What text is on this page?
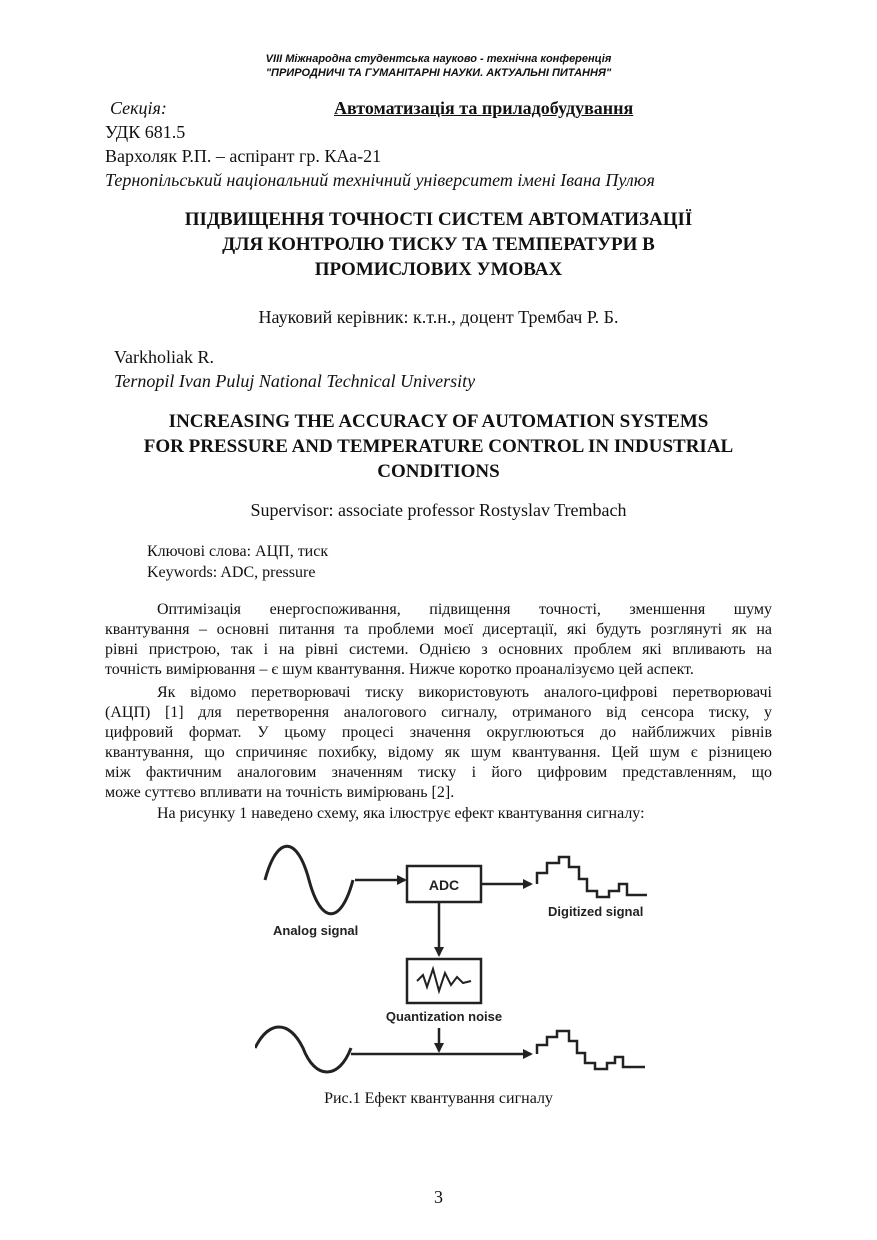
VIII Міжнародна студентська науково - технічна конференція
"ПРИРОДНИЧІ ТА ГУМАНІТАРНІ НАУКИ. АКТУАЛЬНІ ПИТАННЯ"
Секція:	Автоматизація та приладобудування
УДК 681.5
Вархоляк Р.П. – аспірант гр. КАа-21
Тернопільський національний технічний університет імені Івана Пулюя
ПІДВИЩЕННЯ ТОЧНОСТІ СИСТЕМ АВТОМАТИЗАЦІЇ
ДЛЯ КОНТРОЛЮ ТИСКУ ТА ТЕМПЕРАТУРИ В
ПРОМИСЛОВИХ УМОВАХ
Науковий керівник: к.т.н., доцент Трембач Р. Б.
Varkholiak R.
Ternopil Ivan Puluj National Technical University
INCREASING THE ACCURACY OF AUTOMATION SYSTEMS
FOR PRESSURE AND TEMPERATURE CONTROL IN INDUSTRIAL
CONDITIONS
Supervisor: associate professor Rostyslav Trembach
Ключові слова: АЦП, тиск
Keywords: ADC, pressure
Оптимізація енергоспоживання, підвищення точності, зменшення шуму
квантування – основні питання та проблеми моєї дисертації, які будуть розглянуті як на
рівні пристрою, так і на рівні системи. Однією з основних проблем які впливають на
точність вимірювання – є шум квантування. Нижче коротко проаналізуємо цей аспект.
Як відомо перетворювачі тиску використовують аналого-цифрові перетворювачі
(АЦП) [1] для перетворення аналогового сигналу, отриманого від сенсора тиску, у
цифровий формат. У цьому процесі значення округлюються до найближчих рівнів
квантування, що спричиняє похибку, відому як шум квантування. Цей шум є різницею
між фактичним аналоговим значенням тиску і його цифровим представленням, що
може суттєво впливати на точність вимірювань [2].
На рисунку 1 наведено схему, яка ілюструє ефект квантування сигналу:
ADC
Analog signal
Digitized signal
Quantization noise
Рис.1 Ефект квантування сигналу
3
